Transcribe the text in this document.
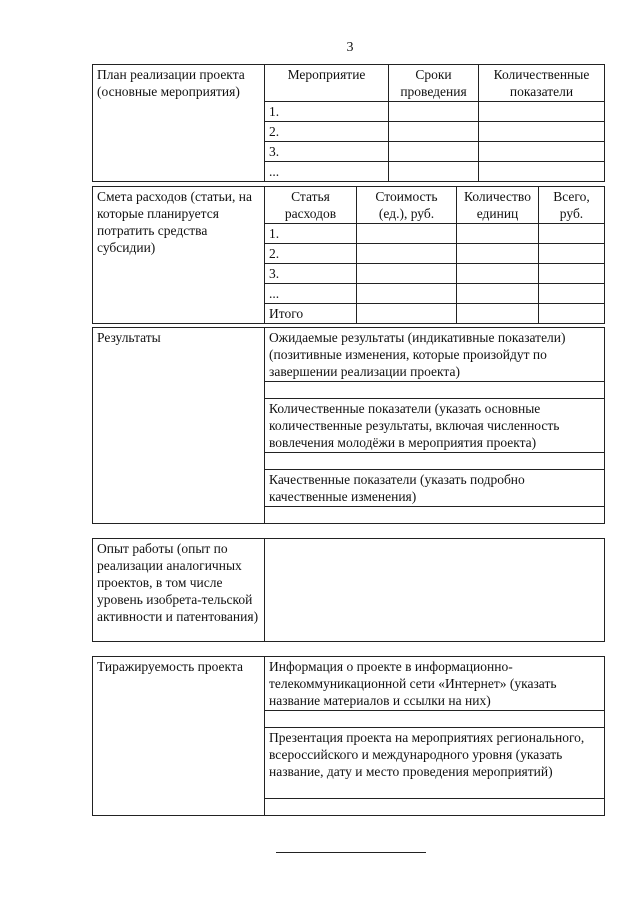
3
План реализации проекта (основные мероприятия)	Мероприятие	Сроки проведения	Количественные показатели
	1.		
	2.		
	3.		
	...		
Смета расходов (статьи, на которые планируется потратить средства субсидии)	Статья расходов	Стоимость (ед.), руб.	Количество единиц	Всего, руб.
	1.			
	2.			
	3.			
	...			
	Итого			
Результаты	Ожидаемые результаты (индикативные показатели) (позитивные изменения, которые произойдут по завершении реализации проекта)

Количественные показатели (указать основные количественные результаты, включая численность вовлечения молодёжи в мероприятия проекта)

Качественные показатели (указать подробно качественные изменения)

Опыт работы (опыт по реализации аналогичных проектов, в том числе уровень изобрета-тельской активности и патентования)	
Тиражируемость проекта	Информация о проекте в информационно-телекоммуникационной сети «Интернет» (указать название материалов и ссылки на них)

Презентация проекта на мероприятиях регионального, всероссийского и международного уровня (указать название, дату и место проведения мероприятий)
